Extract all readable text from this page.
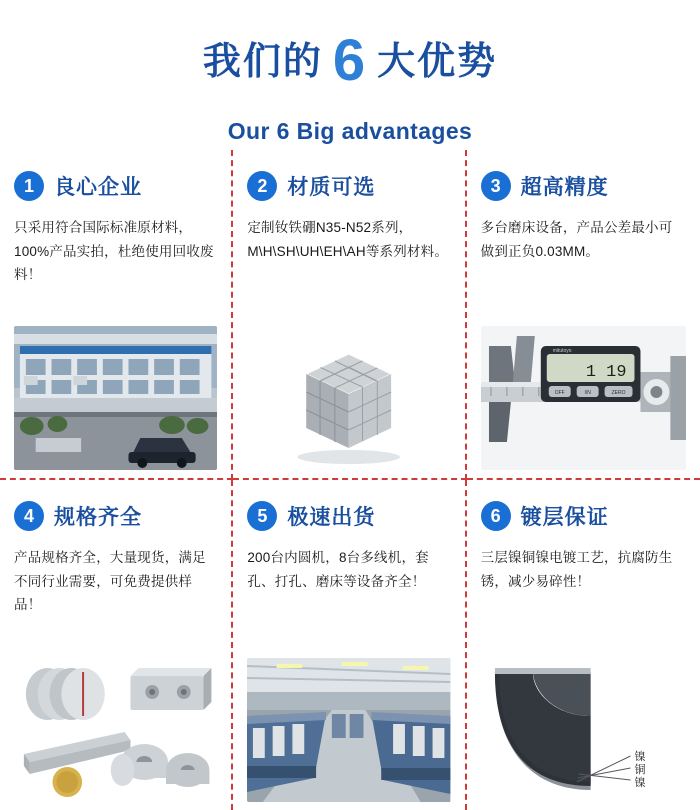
我们的 6 大优势
Our 6 Big advantages
1 良心企业
只采用符合国际标准原材料，100%产品实拍，杜绝使用回收废料！
2 材质可选
定制钕铁硼N35-N52系列，M\H\SH\UH\EH\AH等系列材料。
3 超高精度
多台磨床设备，产品公差最小可做到正负0.03MM。
1 19
mitutoyo
OFF	I/N	ZERO
4 规格齐全
产品规格齐全，大量现货，满足不同行业需要，可免费提供样品！
5 极速出货
200台内圆机，8台多线机，套孔、打孔、磨床等设备齐全！
6 镀层保证
三层镍铜镍电镀工艺，抗腐防生锈，减少易碎性！
镍
铜
镍
